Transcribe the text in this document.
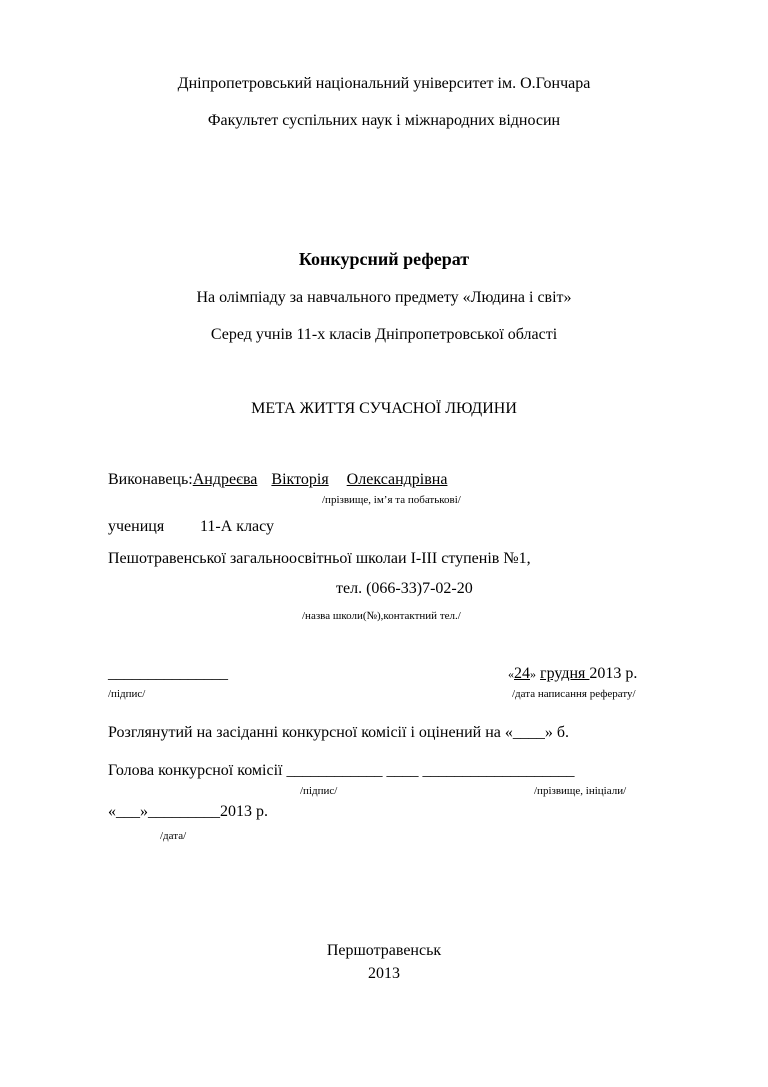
Дніпропетровський національний університет ім. О.Гончара
Факультет суспільних наук і міжнародних відносин
Конкурсний реферат
На олімпіаду за навчального предмету «Людина і світ»
Серед учнів 11-х класів Дніпропетровської області
МЕТА ЖИТТЯ СУЧАСНОЇ ЛЮДИНИ
Виконавець:Андреєва Вікторія Олександрівна
/прізвище, ім’я та побатькові/
учениця 11-А класу
Пешотравенської загальноосвітньої школаи І-ІІІ ступенів №1,
тел. (066-33)7-02-20
/назва школи(№),контактний тел./
_______________	«24» грудня 2013 р.
/підпис/	/дата написання реферату/
Розглянутий на засіданні конкурсної комісії і оцінений на «____» б.
Голова конкурсної комісії ____________ ____ ___________________
/підпис/	/прізвище, ініціали/
«___»_________2013 р.
/дата/
Першотравенськ
2013
